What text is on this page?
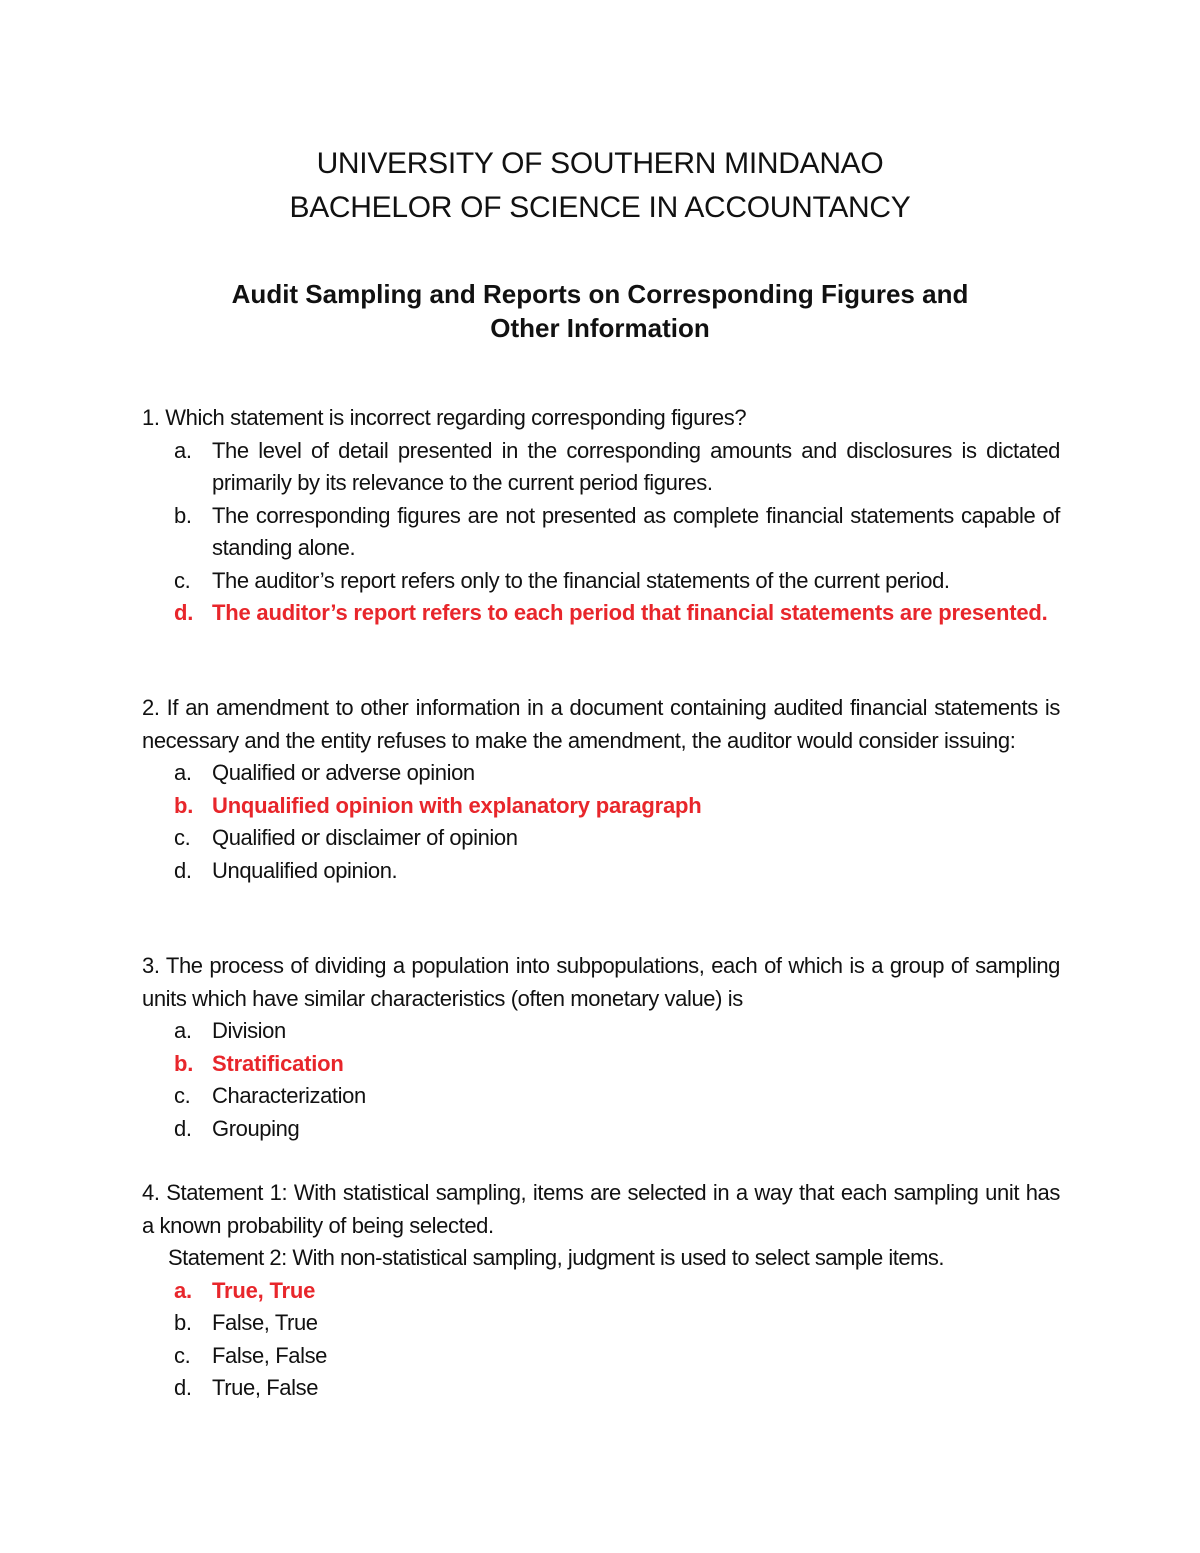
UNIVERSITY OF SOUTHERN MINDANAO
BACHELOR OF SCIENCE IN ACCOUNTANCY
Audit Sampling and Reports on Corresponding Figures and
Other Information
1. Which statement is incorrect regarding corresponding figures?
a. The level of detail presented in the corresponding amounts and disclosures is dictated primarily by its relevance to the current period figures.
b. The corresponding figures are not presented as complete financial statements capable of standing alone.
c. The auditor’s report refers only to the financial statements of the current period.
d. The auditor’s report refers to each period that financial statements are presented.
2. If an amendment to other information in a document containing audited financial statements is necessary and the entity refuses to make the amendment, the auditor would consider issuing:
a. Qualified or adverse opinion
b. Unqualified opinion with explanatory paragraph
c. Qualified or disclaimer of opinion
d. Unqualified opinion.
3. The process of dividing a population into subpopulations, each of which is a group of sampling units which have similar characteristics (often monetary value) is
a. Division
b. Stratification
c. Characterization
d. Grouping
4. Statement 1: With statistical sampling, items are selected in a way that each sampling unit has a known probability of being selected.
Statement 2: With non-statistical sampling, judgment is used to select sample items.
a. True, True
b. False, True
c. False, False
d. True, False
